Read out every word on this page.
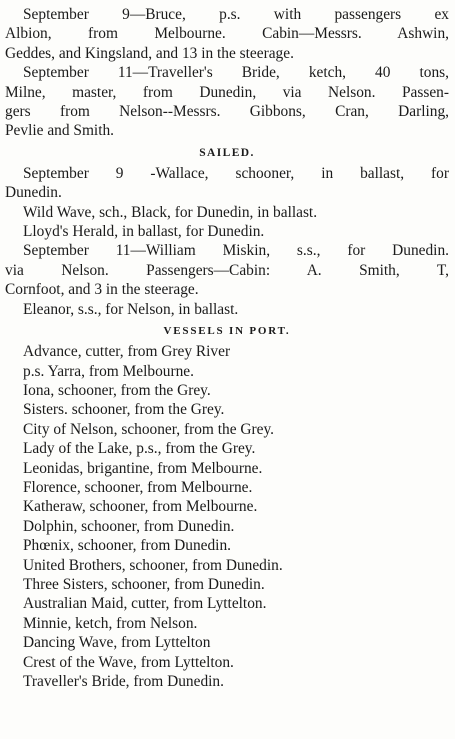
September 9—Bruce, p.s. with passengers ex
Albion, from Melbourne. Cabin—Messrs. Ashwin,
Geddes, and Kingsland, and 13 in the steerage.
September 11—Traveller's Bride, ketch, 40 tons,
Milne, master, from Dunedin, via Nelson. Passen-
gers from Nelson--Messrs. Gibbons, Cran, Darling,
Pevlie and Smith.
SAILED.
September 9 -Wallace, schooner, in ballast, for
Dunedin.
Wild Wave, sch., Black, for Dunedin, in ballast.
Lloyd's Herald, in ballast, for Dunedin.
September 11—William Miskin, s.s., for Dunedin.
via Nelson. Passengers—Cabin: A. Smith, T,
Cornfoot, and 3 in the steerage.
Eleanor, s.s., for Nelson, in ballast.
VESSELS IN PORT.
Advance, cutter, from Grey River
p.s. Yarra, from Melbourne.
Iona, schooner, from the Grey.
Sisters. schooner, from the Grey.
City of Nelson, schooner, from the Grey.
Lady of the Lake, p.s., from the Grey.
Leonidas, brigantine, from Melbourne.
Florence, schooner, from Melbourne.
Katheraw, schooner, from Melbourne.
Dolphin, schooner, from Dunedin.
Phœnix, schooner, from Dunedin.
United Brothers, schooner, from Dunedin.
Three Sisters, schooner, from Dunedin.
Australian Maid, cutter, from Lyttelton.
Minnie, ketch, from Nelson.
Dancing Wave, from Lyttelton
Crest of the Wave, from Lyttelton.
Traveller's Bride, from Dunedin.
